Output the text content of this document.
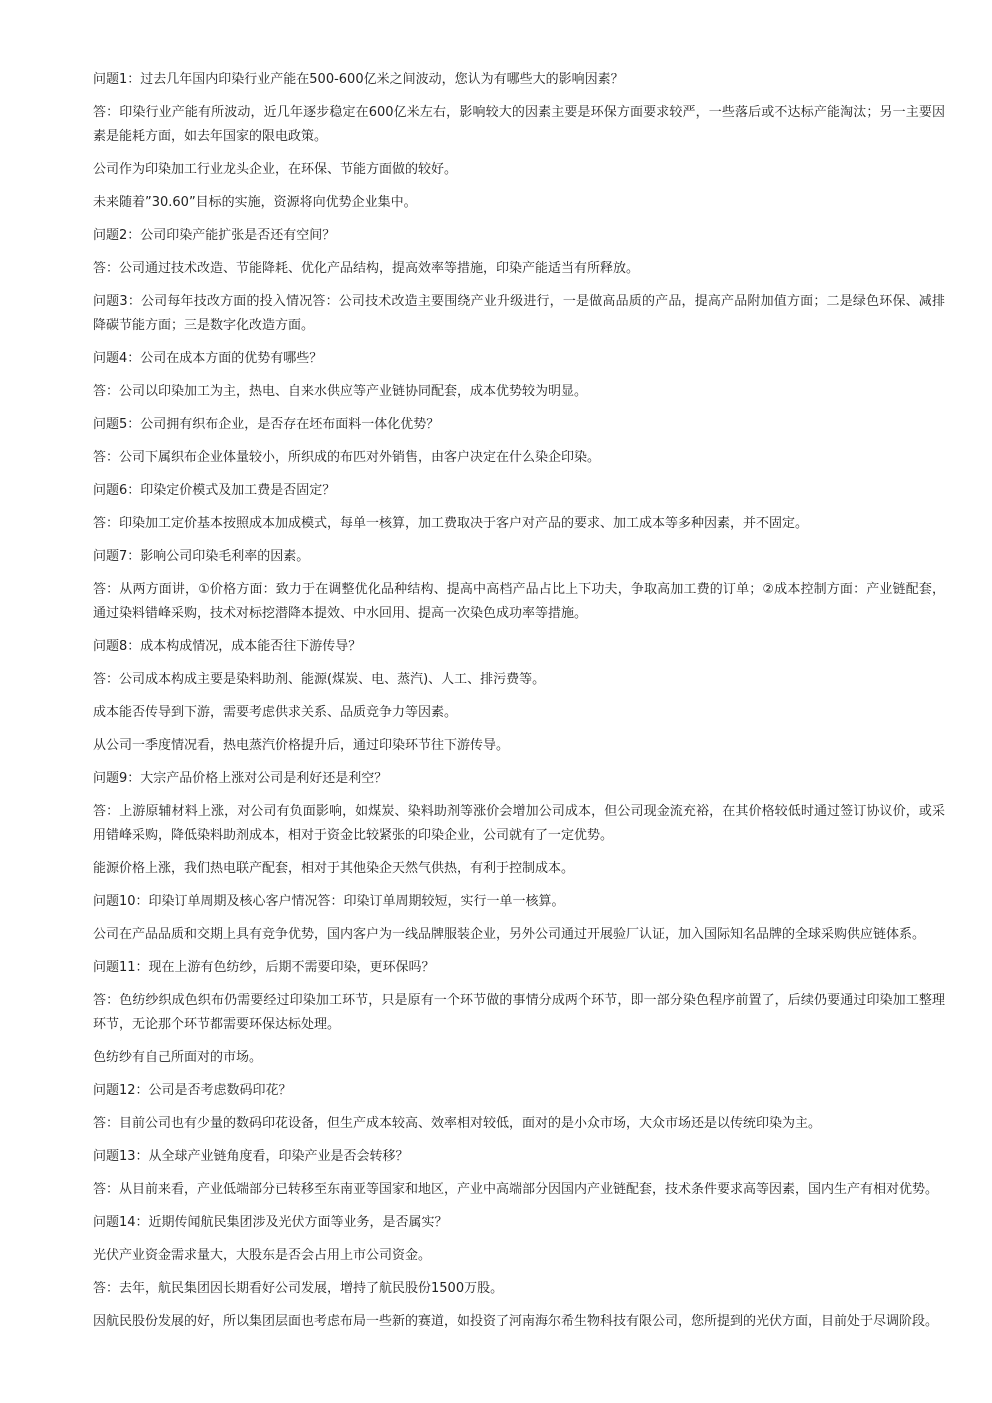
问题1：过去几年国内印染行业产能在500-600亿米之间波动，您认为有哪些大的影响因素？

答：印染行业产能有所波动，近几年逐步稳定在600亿米左右，影响较大的因素主要是环保方面要求较严，一些落后或不达标产能淘汰；另一主要因素是能耗方面，如去年国家的限电政策。

公司作为印染加工行业龙头企业，在环保、节能方面做的较好。

未来随着”30.60”目标的实施，资源将向优势企业集中。

问题2：公司印染产能扩张是否还有空间？

答：公司通过技术改造、节能降耗、优化产品结构，提高效率等措施，印染产能适当有所释放。

问题3：公司每年技改方面的投入情况答：公司技术改造主要围绕产业升级进行，一是做高品质的产品，提高产品附加值方面；二是绿色环保、减排降碳节能方面；三是数字化改造方面。

问题4：公司在成本方面的优势有哪些？

答：公司以印染加工为主，热电、自来水供应等产业链协同配套，成本优势较为明显。

问题5：公司拥有织布企业，是否存在坯布面料一体化优势？

答：公司下属织布企业体量较小，所织成的布匹对外销售，由客户决定在什么染企印染。

问题6：印染定价模式及加工费是否固定？

答：印染加工定价基本按照成本加成模式，每单一核算，加工费取决于客户对产品的要求、加工成本等多种因素，并不固定。

问题7：影响公司印染毛利率的因素。

答：从两方面讲，①价格方面：致力于在调整优化品种结构、提高中高档产品占比上下功夫，争取高加工费的订单；②成本控制方面：产业链配套，通过染料错峰采购，技术对标挖潜降本提效、中水回用、提高一次染色成功率等措施。

问题8：成本构成情况，成本能否往下游传导？

答：公司成本构成主要是染料助剂、能源(煤炭、电、蒸汽)、人工、排污费等。

成本能否传导到下游，需要考虑供求关系、品质竞争力等因素。

从公司一季度情况看，热电蒸汽价格提升后，通过印染环节往下游传导。

问题9：大宗产品价格上涨对公司是利好还是利空？

答：上游原辅材料上涨，对公司有负面影响，如煤炭、染料助剂等涨价会增加公司成本，但公司现金流充裕，在其价格较低时通过签订协议价，或采用错峰采购，降低染料助剂成本，相对于资金比较紧张的印染企业，公司就有了一定优势。

能源价格上涨，我们热电联产配套，相对于其他染企天然气供热，有利于控制成本。

问题10：印染订单周期及核心客户情况答：印染订单周期较短，实行一单一核算。

公司在产品品质和交期上具有竞争优势，国内客户为一线品牌服装企业，另外公司通过开展验厂认证，加入国际知名品牌的全球采购供应链体系。

问题11：现在上游有色纺纱，后期不需要印染，更环保吗？

答：色纺纱织成色织布仍需要经过印染加工环节，只是原有一个环节做的事情分成两个环节，即一部分染色程序前置了，后续仍要通过印染加工整理环节，无论那个环节都需要环保达标处理。

色纺纱有自己所面对的市场。

问题12：公司是否考虑数码印花？

答：目前公司也有少量的数码印花设备，但生产成本较高、效率相对较低，面对的是小众市场，大众市场还是以传统印染为主。

问题13：从全球产业链角度看，印染产业是否会转移？

答：从目前来看，产业低端部分已转移至东南亚等国家和地区，产业中高端部分因国内产业链配套，技术条件要求高等因素，国内生产有相对优势。

问题14：近期传闻航民集团涉及光伏方面等业务，是否属实？

光伏产业资金需求量大，大股东是否会占用上市公司资金。

答：去年，航民集团因长期看好公司发展，增持了航民股份1500万股。

因航民股份发展的好，所以集团层面也考虑布局一些新的赛道，如投资了河南海尔希生物科技有限公司，您所提到的光伏方面，目前处于尽调阶段。
